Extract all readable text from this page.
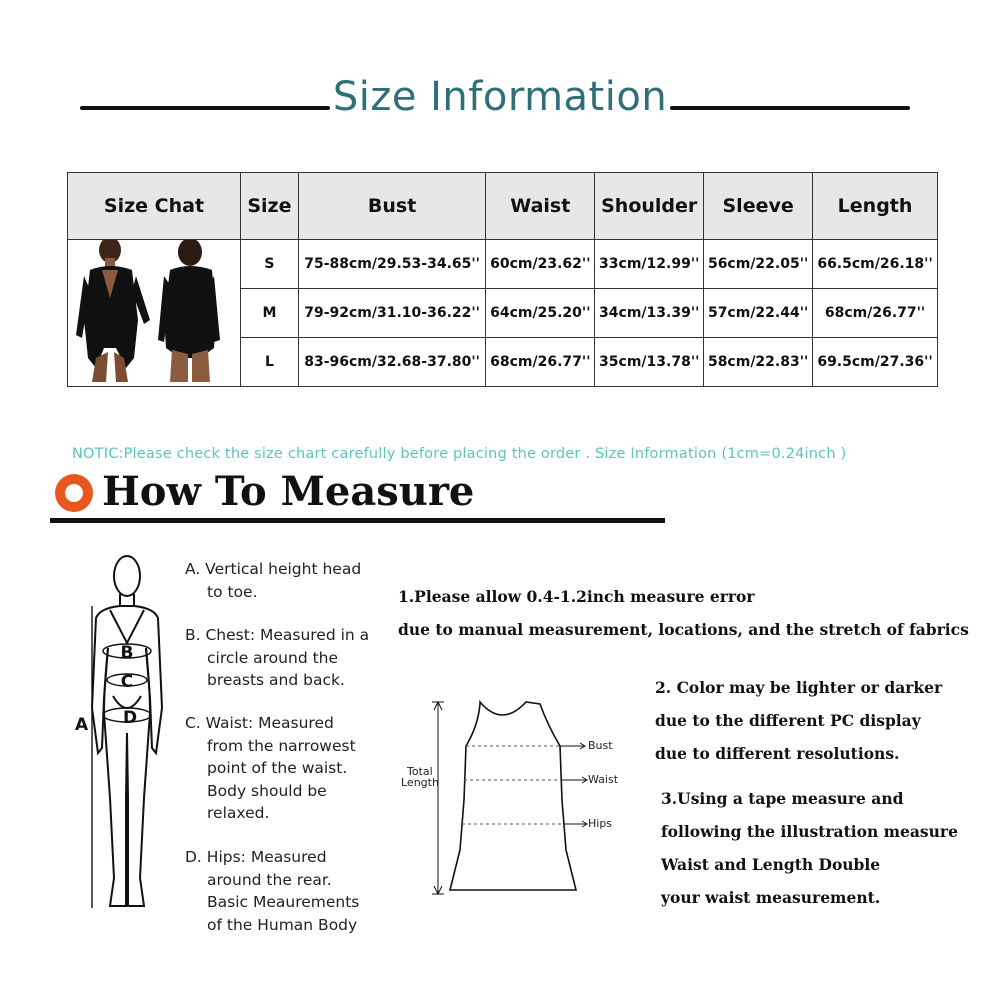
Size Information
Size Chat	Size	Bust	Waist	Shoulder	Sleeve	Length
	S	75-88cm/29.53-34.65''	60cm/23.62''	33cm/12.99''	56cm/22.05''	66.5cm/26.18''
	M	79-92cm/31.10-36.22''	64cm/25.20''	34cm/13.39''	57cm/22.44''	68cm/26.77''
	L	83-96cm/32.68-37.80''	68cm/26.77''	35cm/13.78''	58cm/22.83''	69.5cm/27.36''
NOTIC:Please check the size chart carefully before placing the order . Size Information (1cm=0.24inch )
How To Measure
B
C
D
A
A. Vertical height head
to toe.
B. Chest: Measured in a
circle around the breasts and back.
C. Waist: Measured
from the narrowest point of the waist. Body should be relaxed.
D. Hips: Measured
around the rear. Basic Meaurements of the Human Body
1.Please allow 0.4-1.2inch measure error
due to manual measurement, locations, and the stretch of fabrics
2. Color may be lighter or darker
due to the different PC display
due to different resolutions.
3.Using a tape measure and
following the illustration measure
Waist and Length Double
your waist measurement.
Total
Length
Bust
Waist
Hips
